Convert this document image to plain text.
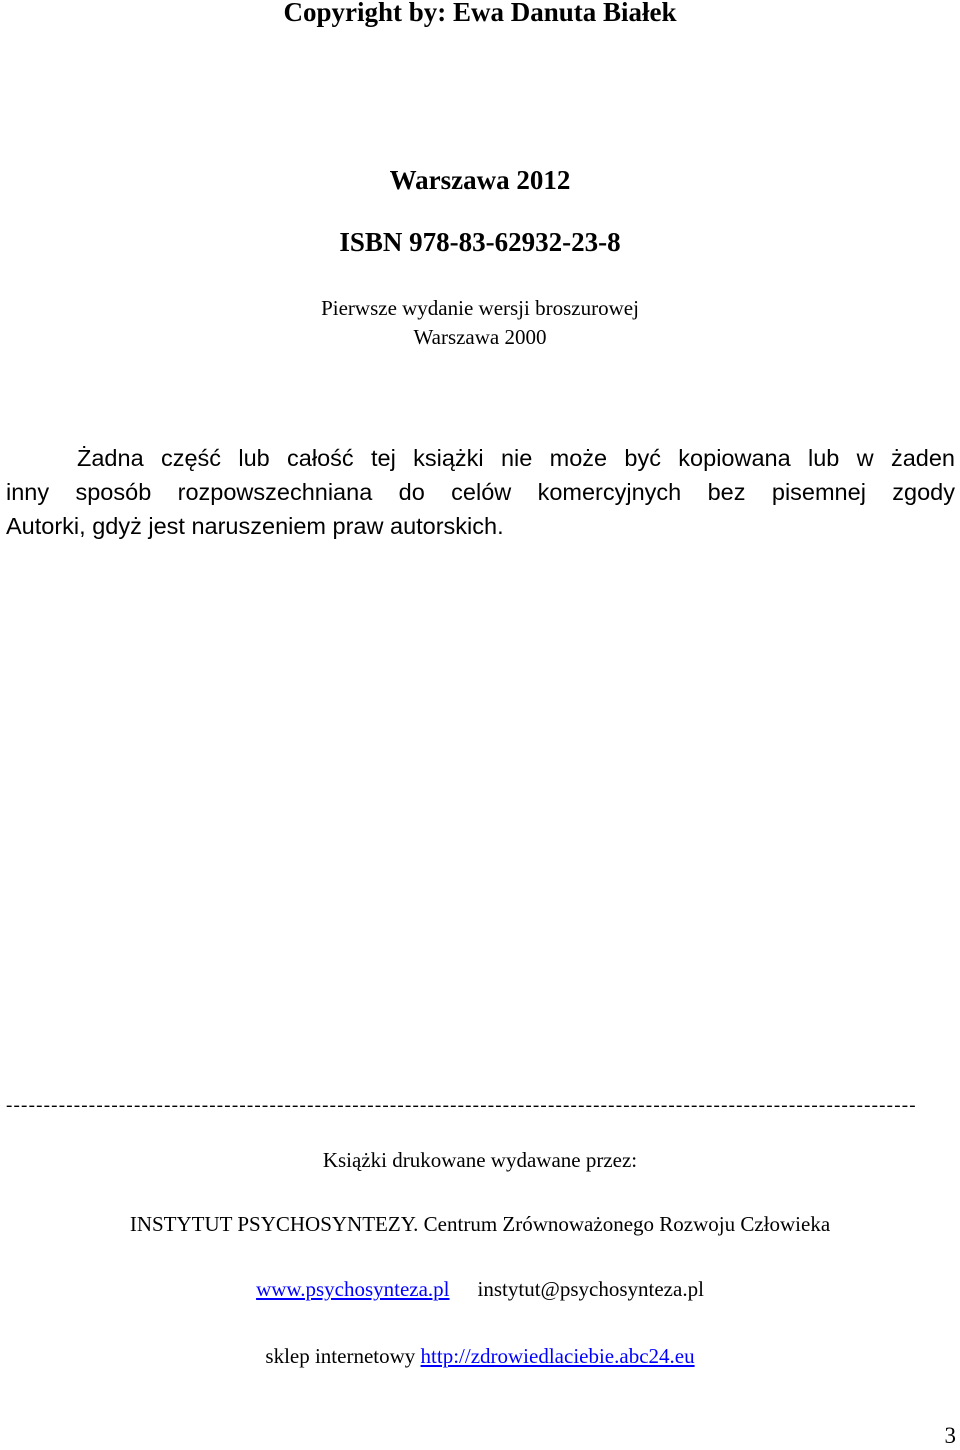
Copyright by: Ewa Danuta Białek
Warszawa 2012
ISBN 978-83-62932-23-8
Pierwsze wydanie wersji broszurowej
Warszawa 2000
Żadna część lub całość tej książki nie może być kopiowana lub w żaden
inny sposób rozpowszechniana do celów komercyjnych bez pisemnej zgody
Autorki, gdyż jest naruszeniem praw autorskich.
-------------------------------------------------------------------------------------------------------------------------
Książki drukowane wydawane przez:
INSTYTUT PSYCHOSYNTEZY. Centrum Zrównoważonego Rozwoju Człowieka
www.psychosynteza.pl instytut@psychosynteza.pl
sklep internetowy http://zdrowiedlaciebie.abc24.eu
3
